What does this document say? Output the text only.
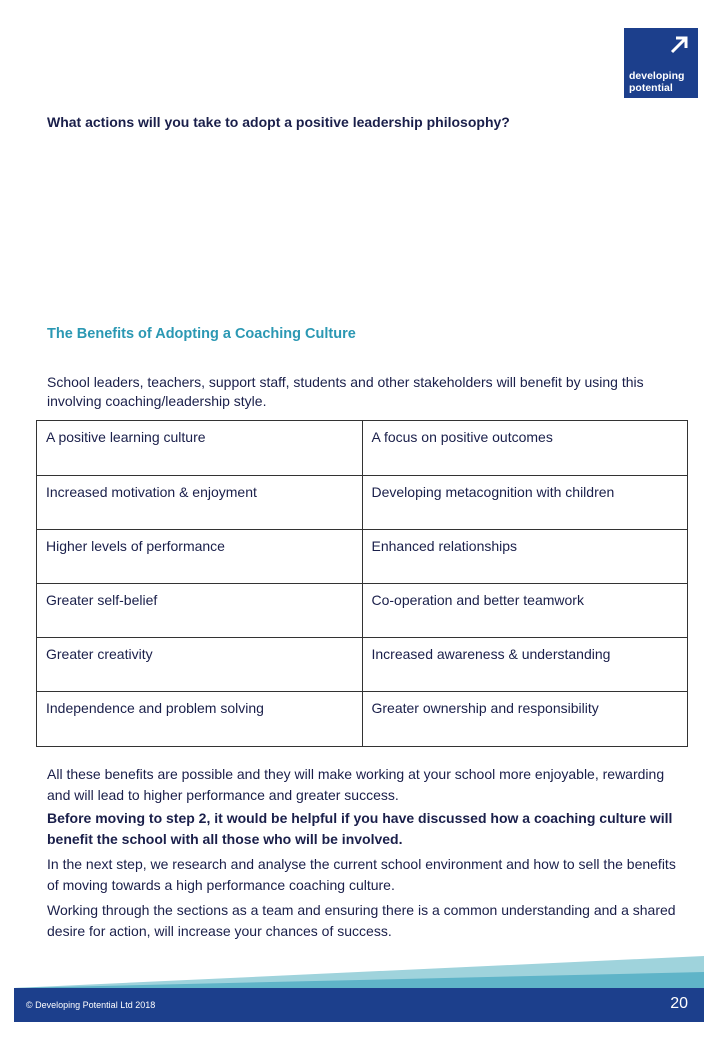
developing
potential
What actions will you take to adopt a positive leadership philosophy?
The Benefits of Adopting a Coaching Culture
School leaders, teachers, support staff, students and other stakeholders will benefit by using this involving coaching/leadership style.
A positive learning culture	A focus on positive outcomes
Increased motivation & enjoyment	Developing metacognition with children
Higher levels of performance	Enhanced relationships
Greater self-belief	Co-operation and better teamwork
Greater creativity	Increased awareness & understanding
Independence and problem solving	Greater ownership and responsibility
All these benefits are possible and they will make working at your school more enjoyable, rewarding and will lead to higher performance and greater success.
Before moving to step 2, it would be helpful if you have discussed how a coaching culture will benefit the school with all those who will be involved.
In the next step, we research and analyse the current school environment and how to sell the benefits of moving towards a high performance coaching culture.
Working through the sections as a team and ensuring there is a common understanding and a shared desire for action, will increase your chances of success.
© Developing Potential Ltd 2018	20
